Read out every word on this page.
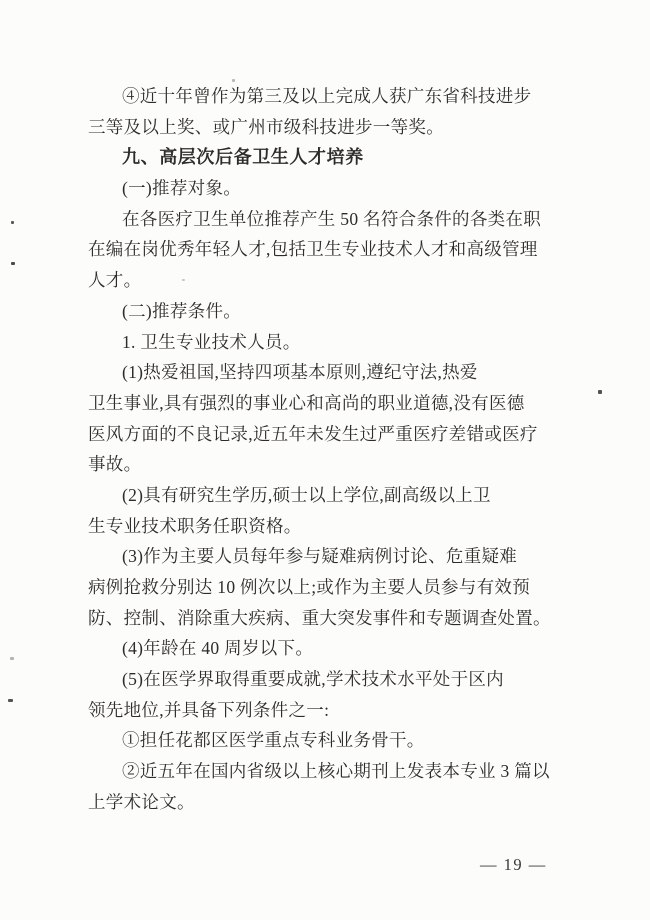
④近十年曾作为第三及以上完成人获广东省科技进步
三等及以上奖、或广州市级科技进步一等奖。
九、高层次后备卫生人才培养
(一)推荐对象。
在各医疗卫生单位推荐产生 50 名符合条件的各类在职
在编在岗优秀年轻人才,包括卫生专业技术人才和高级管理
人才。
(二)推荐条件。
1. 卫生专业技术人员。
(1)热爱祖国,坚持四项基本原则,遵纪守法,热爱
卫生事业,具有强烈的事业心和高尚的职业道德,没有医德
医风方面的不良记录,近五年未发生过严重医疗差错或医疗
事故。
(2)具有研究生学历,硕士以上学位,副高级以上卫
生专业技术职务任职资格。
(3)作为主要人员每年参与疑难病例讨论、危重疑难
病例抢救分别达 10 例次以上;或作为主要人员参与有效预
防、控制、消除重大疾病、重大突发事件和专题调查处置。
(4)年龄在 40 周岁以下。
(5)在医学界取得重要成就,学术技术水平处于区内
领先地位,并具备下列条件之一:
①担任花都区医学重点专科业务骨干。
②近五年在国内省级以上核心期刊上发表本专业 3 篇以
上学术论文。
— 19 —
